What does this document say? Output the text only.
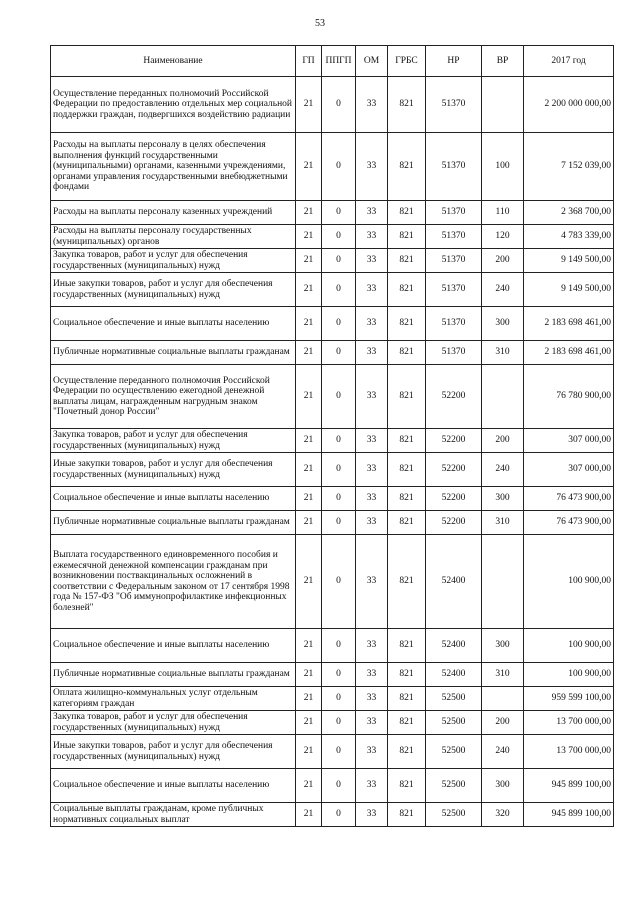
53
Наименование	ГП	ППГП	ОМ	ГРБС	НР	ВР	2017 год
Осуществление переданных полномочий Российской Федерации по предоставлению отдельных мер социальной поддержки граждан, подвергшихся воздействию радиации	21	0	33	821	51370		2 200 000 000,00
Расходы на выплаты персоналу в целях обеспечения выполнения функций государственными (муниципальными) органами, казенными учреждениями, органами управления государственными внебюджетными фондами	21	0	33	821	51370	100	7 152 039,00
Расходы на выплаты персоналу казенных учреждений	21	0	33	821	51370	110	2 368 700,00
Расходы на выплаты персоналу государственных (муниципальных) органов	21	0	33	821	51370	120	4 783 339,00
Закупка товаров, работ и услуг для обеспечения государственных (муниципальных) нужд	21	0	33	821	51370	200	9 149 500,00
Иные закупки товаров, работ и услуг для обеспечения государственных (муниципальных) нужд	21	0	33	821	51370	240	9 149 500,00
Социальное обеспечение и иные выплаты населению	21	0	33	821	51370	300	2 183 698 461,00
Публичные нормативные социальные выплаты гражданам	21	0	33	821	51370	310	2 183 698 461,00
Осуществление переданного полномочия Российской Федерации по осуществлению ежегодной денежной выплаты лицам, награжденным нагрудным знаком "Почетный донор России"	21	0	33	821	52200		76 780 900,00
Закупка товаров, работ и услуг для обеспечения государственных (муниципальных) нужд	21	0	33	821	52200	200	307 000,00
Иные закупки товаров, работ и услуг для обеспечения государственных (муниципальных) нужд	21	0	33	821	52200	240	307 000,00
Социальное обеспечение и иные выплаты населению	21	0	33	821	52200	300	76 473 900,00
Публичные нормативные социальные выплаты гражданам	21	0	33	821	52200	310	76 473 900,00
Выплата государственного единовременного пособия и ежемесячной денежной компенсации гражданам при возникновении поствакцинальных осложнений в соответствии с Федеральным законом от 17 сентября 1998 года № 157-ФЗ "Об иммунопрофилактике инфекционных болезней"	21	0	33	821	52400		100 900,00
Социальное обеспечение и иные выплаты населению	21	0	33	821	52400	300	100 900,00
Публичные нормативные социальные выплаты гражданам	21	0	33	821	52400	310	100 900,00
Оплата жилищно-коммунальных услуг отдельным категориям граждан	21	0	33	821	52500		959 599 100,00
Закупка товаров, работ и услуг для обеспечения государственных (муниципальных) нужд	21	0	33	821	52500	200	13 700 000,00
Иные закупки товаров, работ и услуг для обеспечения государственных (муниципальных) нужд	21	0	33	821	52500	240	13 700 000,00
Социальное обеспечение и иные выплаты населению	21	0	33	821	52500	300	945 899 100,00
Социальные выплаты гражданам, кроме публичных нормативных социальных выплат	21	0	33	821	52500	320	945 899 100,00
